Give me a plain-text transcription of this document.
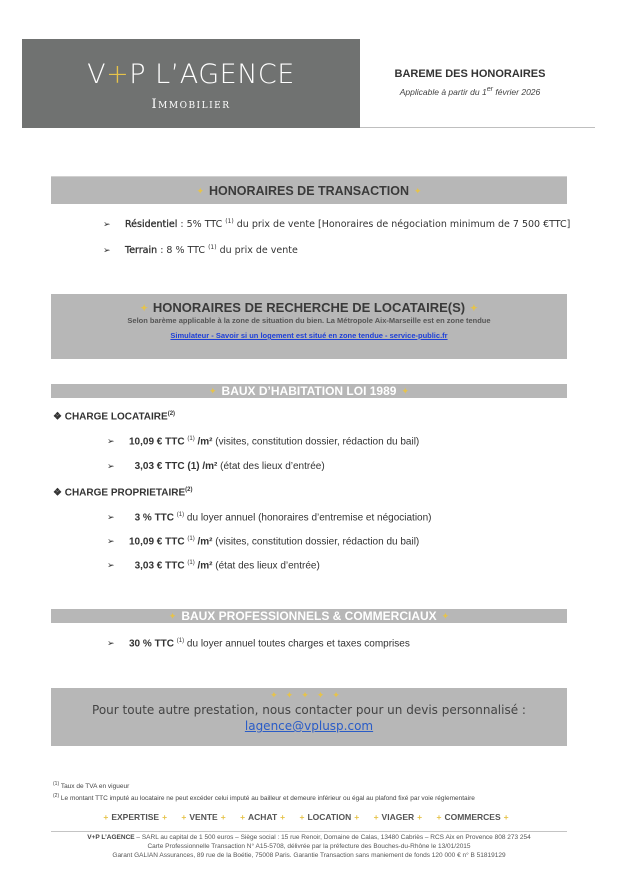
V+P L’AGENCE
Immobilier
BAREME DES HONORAIRES
Applicable à partir du 1er février 2026
✦ HONORAIRES DE TRANSACTION ✦
➢ Résidentiel : 5% TTC $^{(1)}$ du prix de vente [Honoraires de négociation minimum de 7 500 €TTC]
➢ Terrain : 8 % TTC $^{(1)}$ du prix de vente
✦ HONORAIRES DE RECHERCHE DE LOCATAIRE(S) ✦
Selon barème applicable à la zone de situation du bien. La Métropole Aix-Marseille est en zone tendue
Simulateur - Savoir si un logement est situé en zone tendue - service-public.fr
✦ BAUX D’HABITATION LOI 1989 ✦
❖ CHARGE LOCATAIRE$^{(2)}$
➢ 10,09 € TTC $^{(1)}$ /m² (visites, constitution dossier, rédaction du bail)
➢ 3,03 € TTC (1) /m² (état des lieux d’entrée)
❖ CHARGE PROPRIETAIRE$^{(2)}$
➢ 3 % TTC $^{(1)}$ du loyer annuel (honoraires d’entremise et négociation)
➢ 10,09 € TTC $^{(1)}$ /m² (visites, constitution dossier, rédaction du bail)
➢ 3,03 € TTC $^{(1)}$ /m² (état des lieux d’entrée)
✦ BAUX PROFESSIONNELS & COMMERCIAUX ✦
➢ 30 % TTC $^{(1)}$ du loyer annuel toutes charges et taxes comprises
✦✦✦✦✦
Pour toute autre prestation, nous contacter pour un devis personnalisé :
lagence@vplusp.com
$^{(1)}$ Taux de TVA en vigueur
$^{(2)}$ Le montant TTC imputé au locataire ne peut excéder celui imputé au bailleur et demeure inférieur ou égal au plafond fixé par voie réglementaire
+ EXPERTISE + + VENTE + + ACHAT + + LOCATION + + VIAGER + + COMMERCES +
V+P L’AGENCE – SARL au capital de 1 500 euros – Siège social : 15 rue Renoir, Domaine de Calas, 13480 Cabriès – RCS Aix en Provence 808 273 254
Carte Professionnelle Transaction N° A15-5708, délivrée par la préfecture des Bouches-du-Rhône le 13/01/2015
Garant GALIAN Assurances, 89 rue de la Boétie, 75008 Paris. Garantie Transaction sans maniement de fonds 120 000 € n° B 51819129
